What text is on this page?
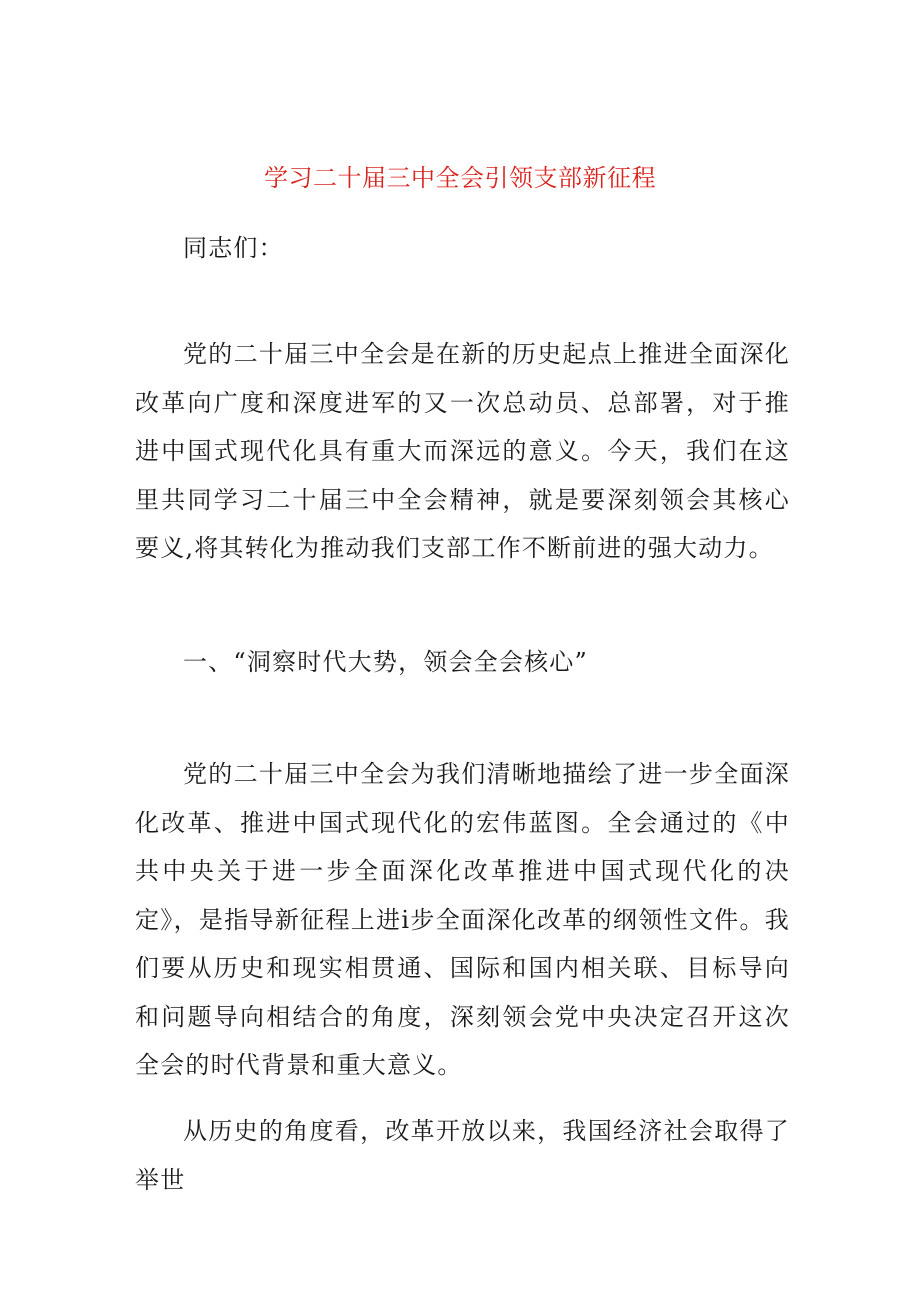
学习二十届三中全会引领支部新征程

同志们：

党的二十届三中全会是在新的历史起点上推进全面深化改革向广度和深度进军的又一次总动员、总部署，对于推进中国式现代化具有重大而深远的意义。今天，我们在这里共同学习二十届三中全会精神，就是要深刻领会其核心要义,将其转化为推动我们支部工作不断前进的强大动力。

一、“洞察时代大势，领会全会核心”

党的二十届三中全会为我们清晰地描绘了进一步全面深化改革、推进中国式现代化的宏伟蓝图。全会通过的《中共中央关于进一步全面深化改革推进中国式现代化的决定》，是指导新征程上进i步全面深化改革的纲领性文件。我们要从历史和现实相贯通、国际和国内相关联、目标导向和问题导向相结合的角度，深刻领会党中央决定召开这次全会的时代背景和重大意义。

从历史的角度看，改革开放以来，我国经济社会取得了举世
